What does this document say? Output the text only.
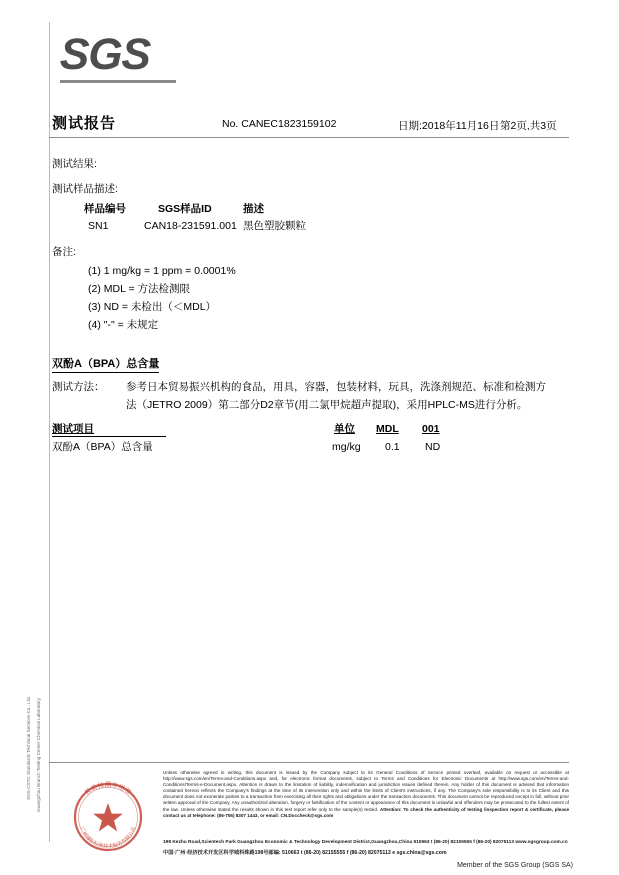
SGS
测试报告	No. CANEC1823159102	日期:2018年11月16日 第2页,共3页
测试结果:
测试样品描述:
样品编号	SGS样品ID	描述
SN1	CAN18-231591.001 黑色塑胶颗粒
备注:
(1) 1 mg/kg = 1 ppm = 0.0001%
(2) MDL = 方法检测限
(3) ND = 未检出（＜MDL）
(4) "-" = 未规定
双酚A（BPA）总含量
测试方法： 参考日本贸易振兴机构的食品，用具，容器，包装材料，玩具，洗涤剂规范、标准和检测方
法（JETRO 2009）第二部分D2章节(用二氯甲烷超声提取)，采用HPLC-MS进行分析。
测试项目	单位 MDL 001
双酚A（BPA）总含量	mg/kg 0.1 ND
检验检测专用章
广州通标标准技术服务有限公司
SGS-CSTC Standards Technical Services Co., Ltd. Guangzhou Branch Testing Center Chemical Laboratory	Unless otherwise agreed in writing, this document is issued by the Company subject to its General Conditions of Service printed overleaf, available on request or accessible at http://www.sgs.com/en/Terms-and-Conditions.aspx and, for electronic format documents, subject to Terms and Conditions for Electronic Documents at http://www.sgs.com/en/Terms-and-Conditions/Terms-e-Document.aspx. Attention is drawn to the limitation of liability, indemnification and jurisdiction issues defined therein. Any holder of this document is advised that information contained hereon reflects the Company's findings at the time of its intervention only and within the limits of Client's instructions, if any. The Company's sole responsibility is to its Client and this document does not exonerate parties to a transaction from exercising all their rights and obligations under the transaction documents. This document cannot be reproduced except in full, without prior written approval of the Company. Any unauthorized alteration, forgery or falsification of the content or appearance of this document is unlawful and offenders may be prosecuted to the fullest extent of the law. Unless otherwise stated the results shown in this test report refer only to the sample(s) tested. Attention: To check the authenticity of testing /inspection report & certificate, please contact us at telephone: (86-755) 8307 1443, or email: CN.Doccheck@sgs.com
198 Kezhu Road,Scientech Park Guangzhou Economic & Technology Development District,Guangzhou,China 510663 t (86-20) 82155555 f (86-20) 82075113 www.sgsgroup.com.cn
中国·广州·经济技术开发区科学城科珠路198号邮编: 510663 t (86-20) 82155555 f (86-20) 82075113 e sgs.china@sgs.com
Member of the SGS Group (SGS SA)
